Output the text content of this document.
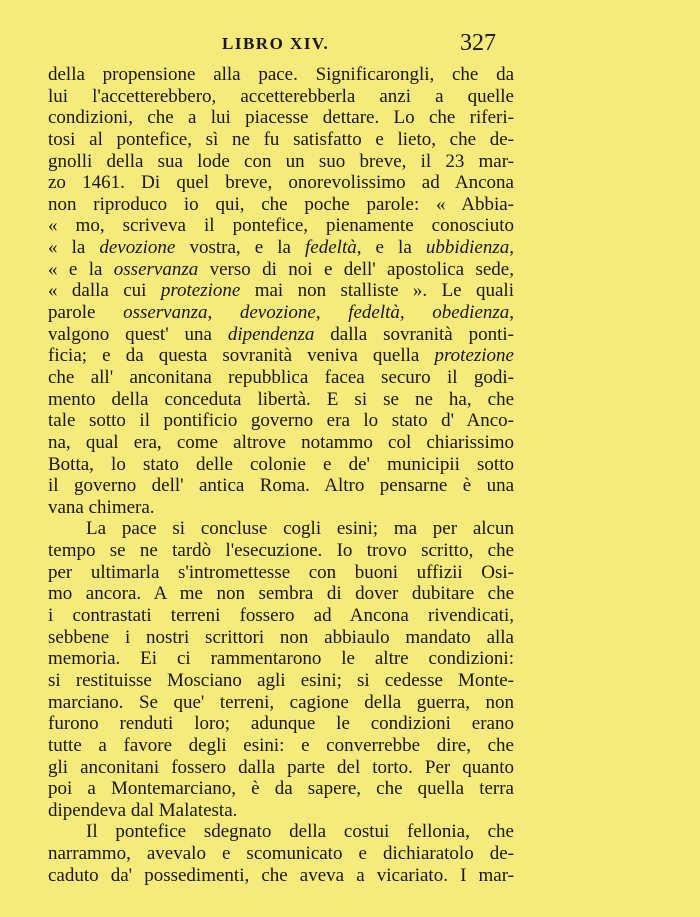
LIBRO XIV.	327
della propensione alla pace. Significarongli, che da
lui l'accetterebbero, accetterebberla anzi a quelle
condizioni, che a lui piacesse dettare. Lo che riferi-
tosi al pontefice, sì ne fu satisfatto e lieto, che de-
gnolli della sua lode con un suo breve, il 23 mar-
zo 1461. Di quel breve, onorevolissimo ad Ancona
non riproduco io qui, che poche parole: « Abbia-
« mo, scriveva il pontefice, pienamente conosciuto
« la devozione vostra, e la fedeltà, e la ubbidienza,
« e la osservanza verso di noi e dell' apostolica sede,
« dalla cui protezione mai non stalliste ». Le quali
parole osservanza, devozione, fedeltà, obedienza,
valgono quest' una dipendenza dalla sovranità ponti-
ficia; e da questa sovranità veniva quella protezione
che all' anconitana repubblica facea securo il godi-
mento della conceduta libertà. E si se ne ha, che
tale sotto il pontificio governo era lo stato d' Anco-
na, qual era, come altrove notammo col chiarissimo
Botta, lo stato delle colonie e de' municipii sotto
il governo dell' antica Roma. Altro pensarne è una
vana chimera.
La pace si concluse cogli esini; ma per alcun
tempo se ne tardò l'esecuzione. Io trovo scritto, che
per ultimarla s'intromettesse con buoni uffizii Osi-
mo ancora. A me non sembra di dover dubitare che
i contrastati terreni fossero ad Ancona rivendicati,
sebbene i nostri scrittori non abbiaulo mandato alla
memoria. Ei ci rammentarono le altre condizioni:
si restituisse Mosciano agli esini; si cedesse Monte-
marciano. Se que' terreni, cagione della guerra, non
furono renduti loro; adunque le condizioni erano
tutte a favore degli esini: e converrebbe dire, che
gli anconitani fossero dalla parte del torto. Per quanto
poi a Montemarciano, è da sapere, che quella terra
dipendeva dal Malatesta.
Il pontefice sdegnato della costui fellonia, che
narrammo, avevalo e scomunicato e dichiaratolo de-
caduto da' possedimenti, che aveva a vicariato. I mar-
